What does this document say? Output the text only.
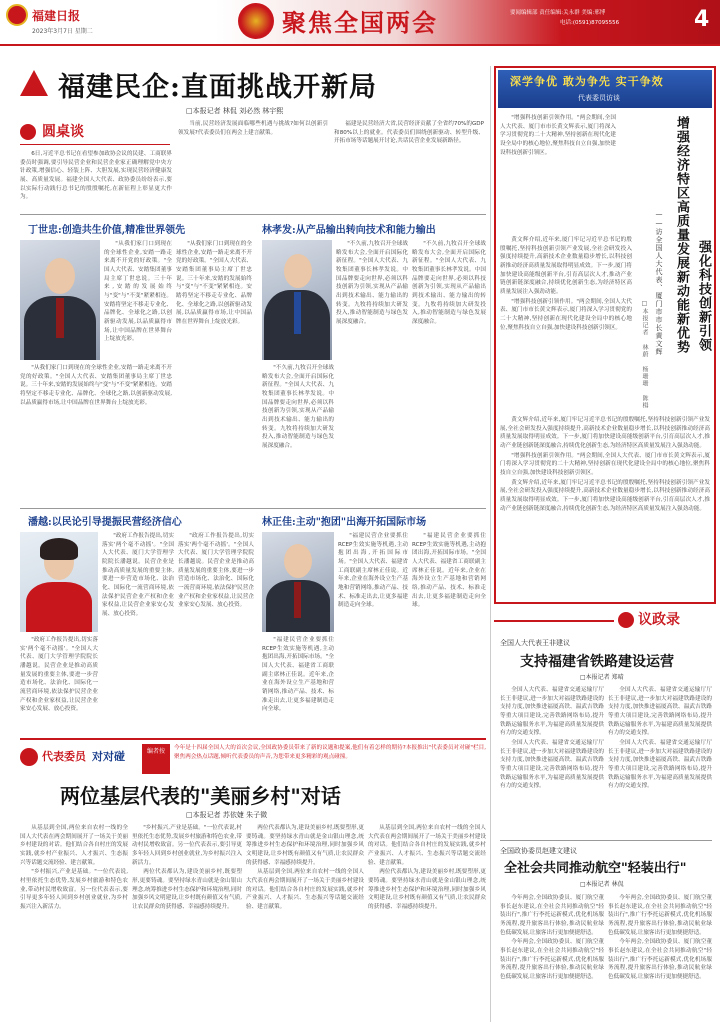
福建日报
2023年3月7日 星期二	聚焦全国两会	要闻编辑部 责任编辑:关永群 美编:邢博
电话:(0591)87095556	4
福建民企:直面挑战开新局
□本报记者 林侃 刘必然 林宇熙
圆桌谈

6日,习近平总书记在看望参加政协会议的民建、工商联界委员时强调,要引导民营企业和民营企业家正确理解党中央方针政策,增强信心、轻装上阵、大胆发展,实现民营经济健康发展、高质量发展。福建全国人大代表、政协委员纷纷表示,要以实际行动践行总书记的殷殷嘱托,在新征程上彰显更大作为。

当前,民营经济发展面临哪些机遇与挑战?如何以创新引领发展?代表委员们在两会上建言献策。

福建是民营经济大省,民营经济贡献了全省约70%的GDP和80%以上的就业。代表委员们围绕创新驱动、转型升级、开拓市场等话题展开讨论,共话民营企业发展新路径。

丁世忠:创造共生价值,精准世界领先

"从我们家门口到现在的全球性企业,安踏一路走来离不开党的好政策。"全国人大代表、安踏集团董事局主席丁世忠说。三十年来,安踏的发展始终与"变"与"不变"紧紧相连。安踏将坚定不移走专业化、品牌化、全球化之路,以创新驱动发展,以品质赢得市场,让中国品牌在世界舞台上绽放光彩。

"从我们家门口到现在的全球性企业,安踏一路走来离不开党的好政策。"全国人大代表、安踏集团董事局主席丁世忠说。三十年来,安踏的发展始终与"变"与"不变"紧紧相连。安踏将坚定不移走专业化、品牌化、全球化之路,以创新驱动发展,以品质赢得市场,让中国品牌在世界舞台上绽放光彩。

"从我们家门口到现在的全球性企业,安踏一路走来离不开党的好政策。"全国人大代表、安踏集团董事局主席丁世忠说。三十年来,安踏的发展始终与"变"与"不变"紧紧相连。安踏将坚定不移走专业化、品牌化、全球化之路,以创新驱动发展,以品质赢得市场,让中国品牌在世界舞台上绽放光彩。

林孝发:从产品输出转向技术和能力输出

"不久前,九牧召开全球战略发布大会,全面开启国际化新征程。"全国人大代表、九牧集团董事长林孝发说。中国品牌要走向世界,必须以科技创新为引领,实现从产品输出到技术输出、能力输出的转变。九牧将持续加大研发投入,推动智能制造与绿色发展深度融合。

"不久前,九牧召开全球战略发布大会,全面开启国际化新征程。"全国人大代表、九牧集团董事长林孝发说。中国品牌要走向世界,必须以科技创新为引领,实现从产品输出到技术输出、能力输出的转变。九牧将持续加大研发投入,推动智能制造与绿色发展深度融合。

"不久前,九牧召开全球战略发布大会,全面开启国际化新征程。"全国人大代表、九牧集团董事长林孝发说。中国品牌要走向世界,必须以科技创新为引领,实现从产品输出到技术输出、能力输出的转变。九牧将持续加大研发投入,推动智能制造与绿色发展深度融合。

潘越:以民论引导提振民营经济信心

"政府工作报告提出,切实落实'两个毫不动摇'。"全国人大代表、厦门大学管理学院院长潘越说。民营企业是推动高质量发展的重要主体,要进一步营造市场化、法治化、国际化一流营商环境,依法保护民营企业产权和企业家权益,让民营企业家安心发展、放心投资。

"政府工作报告提出,切实落实'两个毫不动摇'。"全国人大代表、厦门大学管理学院院长潘越说。民营企业是推动高质量发展的重要主体,要进一步营造市场化、法治化、国际化一流营商环境,依法保护民营企业产权和企业家权益,让民营企业家安心发展、放心投资。

"政府工作报告提出,切实落实'两个毫不动摇'。"全国人大代表、厦门大学管理学院院长潘越说。民营企业是推动高质量发展的重要主体,要进一步营造市场化、法治化、国际化一流营商环境,依法保护民营企业产权和企业家权益,让民营企业家安心发展、放心投资。

林正佳:主动"抱团"出海开拓国际市场

"福建民营企业要抓住RCEP生效实施等机遇,主动抱团出海,开拓国际市场。"全国人大代表、福建省工商联副主席林正佳说。近年来,企业在海外设立生产基地和营销网络,推动产品、技术、标准走出去,让更多福建制造走向全球。

"福建民营企业要抓住RCEP生效实施等机遇,主动抱团出海,开拓国际市场。"全国人大代表、福建省工商联副主席林正佳说。近年来,企业在海外设立生产基地和营销网络,推动产品、技术、标准走出去,让更多福建制造走向全球。

"福建民营企业要抓住RCEP生效实施等机遇,主动抱团出海,开拓国际市场。"全国人大代表、福建省工商联副主席林正佳说。近年来,企业在海外设立生产基地和营销网络,推动产品、技术、标准走出去,让更多福建制造走向全球。

代表委员 对对碰	编者按	今年是十四届全国人大的首次会议,全国政协委员带来了新的议题和提案,他们有着怎样的期待?本报推出"代表委员对对碰"栏目,聚焦两会热点话题,倾听代表委员的声音,为您带来更多精彩的观点碰撞。
两位基层代表的"美丽乡村"对话
□本报记者 苏依婕 朱子微

从基层到全国,两位来自农村一线的全国人大代表在两会期间展开了一场关于美丽乡村建设的对话。他们结合各自村庄的发展实践,就乡村产业振兴、人才振兴、生态振兴等话题交流经验、建言献策。

"乡村振兴,产业是基础。"一位代表说,村里依托生态优势,发展乡村旅游和特色农业,带动村民增收致富。另一位代表表示,要引导更多年轻人回到乡村创业就业,为乡村振兴注入新活力。

"乡村振兴,产业是基础。"一位代表说,村里依托生态优势,发展乡村旅游和特色农业,带动村民增收致富。另一位代表表示,要引导更多年轻人回到乡村创业就业,为乡村振兴注入新活力。

两位代表都认为,建设美丽乡村,既要塑形,更要铸魂。要坚持绿水青山就是金山银山理念,统筹推进乡村生态保护和环境治理,同时加强乡风文明建设,让乡村既有颜值又有气质,让农民群众的获得感、幸福感持续提升。

两位代表都认为,建设美丽乡村,既要塑形,更要铸魂。要坚持绿水青山就是金山银山理念,统筹推进乡村生态保护和环境治理,同时加强乡风文明建设,让乡村既有颜值又有气质,让农民群众的获得感、幸福感持续提升。

从基层到全国,两位来自农村一线的全国人大代表在两会期间展开了一场关于美丽乡村建设的对话。他们结合各自村庄的发展实践,就乡村产业振兴、人才振兴、生态振兴等话题交流经验、建言献策。

从基层到全国,两位来自农村一线的全国人大代表在两会期间展开了一场关于美丽乡村建设的对话。他们结合各自村庄的发展实践,就乡村产业振兴、人才振兴、生态振兴等话题交流经验、建言献策。

两位代表都认为,建设美丽乡村,既要塑形,更要铸魂。要坚持绿水青山就是金山银山理念,统筹推进乡村生态保护和环境治理,同时加强乡风文明建设,让乡村既有颜值又有气质,让农民群众的获得感、幸福感持续提升。

深学争优 敢为争先 实干争效
代表委员访谈

"增强科技创新引领作用。"两会期间,全国人大代表、厦门市市长黄文辉表示,厦门将深入学习贯彻党的二十大精神,坚持创新在现代化建设全局中的核心地位,聚焦科技自立自强,加快建设科技创新引领区。	增强经济特区高质量发展新动能新优势 强化科技创新引领
——访全国人大代表、厦门市市长黄文辉
□本报记者 林蔚 杨珊珊 陈楫

黄文辉介绍,近年来,厦门牢记习近平总书记的殷殷嘱托,坚持科技创新引领产业发展,全社会研发投入强度持续提升,高新技术企业数量稳步增长,以科技创新推动经济高质量发展取得明显成效。下一步,厦门将加快建设高能级创新平台,引育高层次人才,推动产业链创新链深度融合,持续优化创新生态,为经济特区高质量发展注入强劲动能。

"增强科技创新引领作用。"两会期间,全国人大代表、厦门市市长黄文辉表示,厦门将深入学习贯彻党的二十大精神,坚持创新在现代化建设全局中的核心地位,聚焦科技自立自强,加快建设科技创新引领区。

黄文辉介绍,近年来,厦门牢记习近平总书记的殷殷嘱托,坚持科技创新引领产业发展,全社会研发投入强度持续提升,高新技术企业数量稳步增长,以科技创新推动经济高质量发展取得明显成效。下一步,厦门将加快建设高能级创新平台,引育高层次人才,推动产业链创新链深度融合,持续优化创新生态,为经济特区高质量发展注入强劲动能。

"增强科技创新引领作用。"两会期间,全国人大代表、厦门市市长黄文辉表示,厦门将深入学习贯彻党的二十大精神,坚持创新在现代化建设全局中的核心地位,聚焦科技自立自强,加快建设科技创新引领区。

黄文辉介绍,近年来,厦门牢记习近平总书记的殷殷嘱托,坚持科技创新引领产业发展,全社会研发投入强度持续提升,高新技术企业数量稳步增长,以科技创新推动经济高质量发展取得明显成效。下一步,厦门将加快建设高能级创新平台,引育高层次人才,推动产业链创新链深度融合,持续优化创新生态,为经济特区高质量发展注入强劲动能。

议政录
全国人大代表王非建议
支持福建省铁路建设运营
□本报记者 郑晴

全国人大代表、福建省交通运输厅厅长王非建议,进一步加大对福建铁路建设的支持力度,加快推进福厦高铁、温武吉铁路等重大项目建设,完善铁路网络布局,提升铁路运输服务水平,为福建高质量发展提供有力的交通支撑。

全国人大代表、福建省交通运输厅厅长王非建议,进一步加大对福建铁路建设的支持力度,加快推进福厦高铁、温武吉铁路等重大项目建设,完善铁路网络布局,提升铁路运输服务水平,为福建高质量发展提供有力的交通支撑。

全国人大代表、福建省交通运输厅厅长王非建议,进一步加大对福建铁路建设的支持力度,加快推进福厦高铁、温武吉铁路等重大项目建设,完善铁路网络布局,提升铁路运输服务水平,为福建高质量发展提供有力的交通支撑。

全国人大代表、福建省交通运输厅厅长王非建议,进一步加大对福建铁路建设的支持力度,加快推进福厦高铁、温武吉铁路等重大项目建设,完善铁路网络布局,提升铁路运输服务水平,为福建高质量发展提供有力的交通支撑。

全国政协委员赵建文建议
全社会共同推动航空"轻装出行"
□本报记者 林侃

今年两会,全国政协委员、厦门航空董事长赵东建议,在全社会共同推动航空"轻装出行",推广行李托运新模式,优化机场服务流程,提升旅客出行体验,推动民航业绿色低碳发展,让旅客出行更加便捷舒适。

今年两会,全国政协委员、厦门航空董事长赵东建议,在全社会共同推动航空"轻装出行",推广行李托运新模式,优化机场服务流程,提升旅客出行体验,推动民航业绿色低碳发展,让旅客出行更加便捷舒适。

今年两会,全国政协委员、厦门航空董事长赵东建议,在全社会共同推动航空"轻装出行",推广行李托运新模式,优化机场服务流程,提升旅客出行体验,推动民航业绿色低碳发展,让旅客出行更加便捷舒适。

今年两会,全国政协委员、厦门航空董事长赵东建议,在全社会共同推动航空"轻装出行",推广行李托运新模式,优化机场服务流程,提升旅客出行体验,推动民航业绿色低碳发展,让旅客出行更加便捷舒适。
